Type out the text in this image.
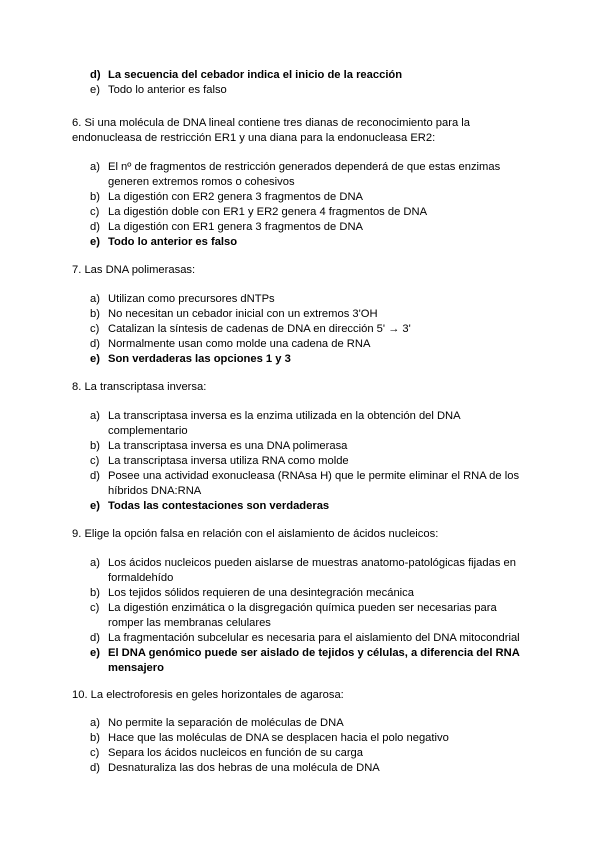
d) La secuencia del cebador indica el inicio de la reacción
e) Todo lo anterior es falso

6. Si una molécula de DNA lineal contiene tres dianas de reconocimiento para la endonucleasa de restricción ER1 y una diana para la endonucleasa ER2:

a) El nº de fragmentos de restricción generados dependerá de que estas enzimas generen extremos romos o cohesivos
b) La digestión con ER2 genera 3 fragmentos de DNA
c) La digestión doble con ER1 y ER2 genera 4 fragmentos de DNA
d) La digestión con ER1 genera 3 fragmentos de DNA
e) Todo lo anterior es falso

7. Las DNA polimerasas:

a) Utilizan como precursores dNTPs
b) No necesitan un cebador inicial con un extremos 3'OH
c) Catalizan la síntesis de cadenas de DNA en dirección 5' → 3'
d) Normalmente usan como molde una cadena de RNA
e) Son verdaderas las opciones 1 y 3

8. La transcriptasa inversa:

a) La transcriptasa inversa es la enzima utilizada en la obtención del DNA complementario
b) La transcriptasa inversa es una DNA polimerasa
c) La transcriptasa inversa utiliza RNA como molde
d) Posee una actividad exonucleasa (RNAsa H) que le permite eliminar el RNA de los híbridos DNA:RNA
e) Todas las contestaciones son verdaderas

9. Elige la opción falsa en relación con el aislamiento de ácidos nucleicos:

a) Los ácidos nucleicos pueden aislarse de muestras anatomo-patológicas fijadas en formaldehído
b) Los tejidos sólidos requieren de una desintegración mecánica
c) La digestión enzimática o la disgregación química pueden ser necesarias para romper las membranas celulares
d) La fragmentación subcelular es necesaria para el aislamiento del DNA mitocondrial
e) El DNA genómico puede ser aislado de tejidos y células, a diferencia del RNA mensajero

10. La electroforesis en geles horizontales de agarosa:

a) No permite la separación de moléculas de DNA
b) Hace que las moléculas de DNA se desplacen hacia el polo negativo
c) Separa los ácidos nucleicos en función de su carga
d) Desnaturaliza las dos hebras de una molécula de DNA
